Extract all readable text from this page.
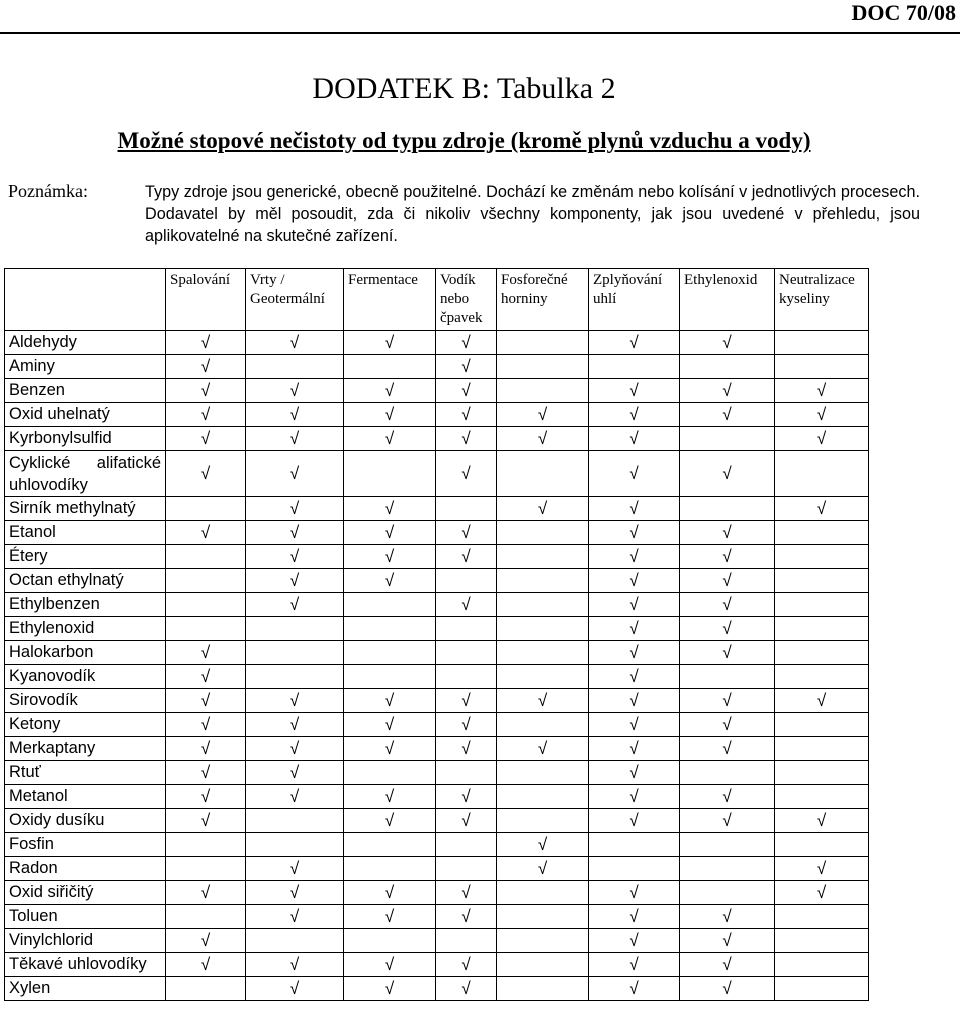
DOC 70/08
DODATEK B: Tabulka 2
Možné stopové nečistoty od typu zdroje (kromě plynů vzduchu a vody)
Poznámka:	Typy zdroje jsou generické, obecně použitelné. Dochází ke změnám nebo kolísání v jednotlivých procesech. Dodavatel by měl posoudit, zda či nikoliv všechny komponenty, jak jsou uvedené v přehledu, jsou aplikovatelné na skutečné zařízení.
	Spalování	Vrty / Geotermální	Fermentace	Vodík nebo čpavek	Fosforečné horniny	Zplyňování uhlí	Ethylenoxid	Neutralizace kyseliny
Aldehydy	√	√	√	√		√	√	
Aminy	√			√				
Benzen	√	√	√	√		√	√	√
Oxid uhelnatý	√	√	√	√	√	√	√	√
Kyrbonylsulfid	√	√	√	√	√	√		√

Cyklické alifatické
uhlovodíky	√	√		√		√	√	
Sirník methylnatý		√	√		√	√		√
Etanol	√	√	√	√		√	√	
Étery		√	√	√		√	√	
Octan ethylnatý		√	√			√	√	
Ethylbenzen		√		√		√	√	
Ethylenoxid						√	√	
Halokarbon	√					√	√	
Kyanovodík	√					√		
Sirovodík	√	√	√	√	√	√	√	√
Ketony	√	√	√	√		√	√	
Merkaptany	√	√	√	√	√	√	√	
Rtuť	√	√				√		
Metanol	√	√	√	√		√	√	
Oxidy dusíku	√		√	√		√	√	√
Fosfin					√			
Radon		√			√			√
Oxid siřičitý	√	√	√	√		√		√
Toluen		√	√	√		√	√	
Vinylchlorid	√					√	√	
Těkavé uhlovodíky	√	√	√	√		√	√	
Xylen		√	√	√		√	√	
